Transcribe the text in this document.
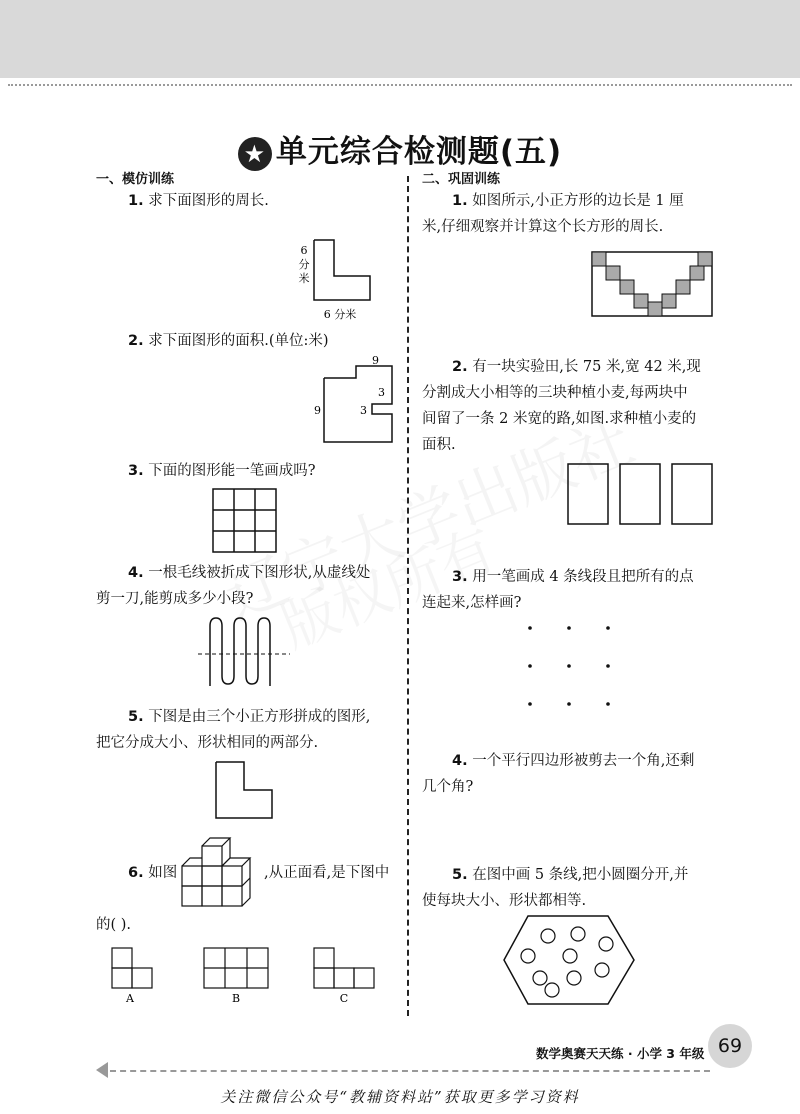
★ 单元综合检测题(五)
一、模仿训练	二、巩固训练
1. 求下面图形的周长.
6
分
米
6 分米
2. 求下面图形的面积.(单位:米)
9
9
3
3
3. 下面的图形能一笔画成吗?
4. 一根毛线被折成下图形状,从虚线处
剪一刀,能剪成多少小段?
5. 下图是由三个小正方形拼成的图形,
把它分成大小、形状相同的两部分.
6. 如图	,从正面看,是下图中
的( ).
A	B	C
1. 如图所示,小正方形的边长是 1 厘
米,仔细观察并计算这个长方形的周长.
2. 有一块实验田,长 75 米,宽 42 米,现
分割成大小相等的三块种植小麦,每两块中
间留了一条 2 米宽的路,如图.求种植小麦的
面积.
3. 用一笔画成 4 条线段且把所有的点
连起来,怎样画?
4. 一个平行四边形被剪去一个角,还剩
几个角?
5. 在图中画 5 条线,把小圆圈分开,并
使每块大小、形状都相等.
数学奥赛天天练 · 小学 3 年级 69
关注微信公众号“教辅资料站”获取更多学习资料
